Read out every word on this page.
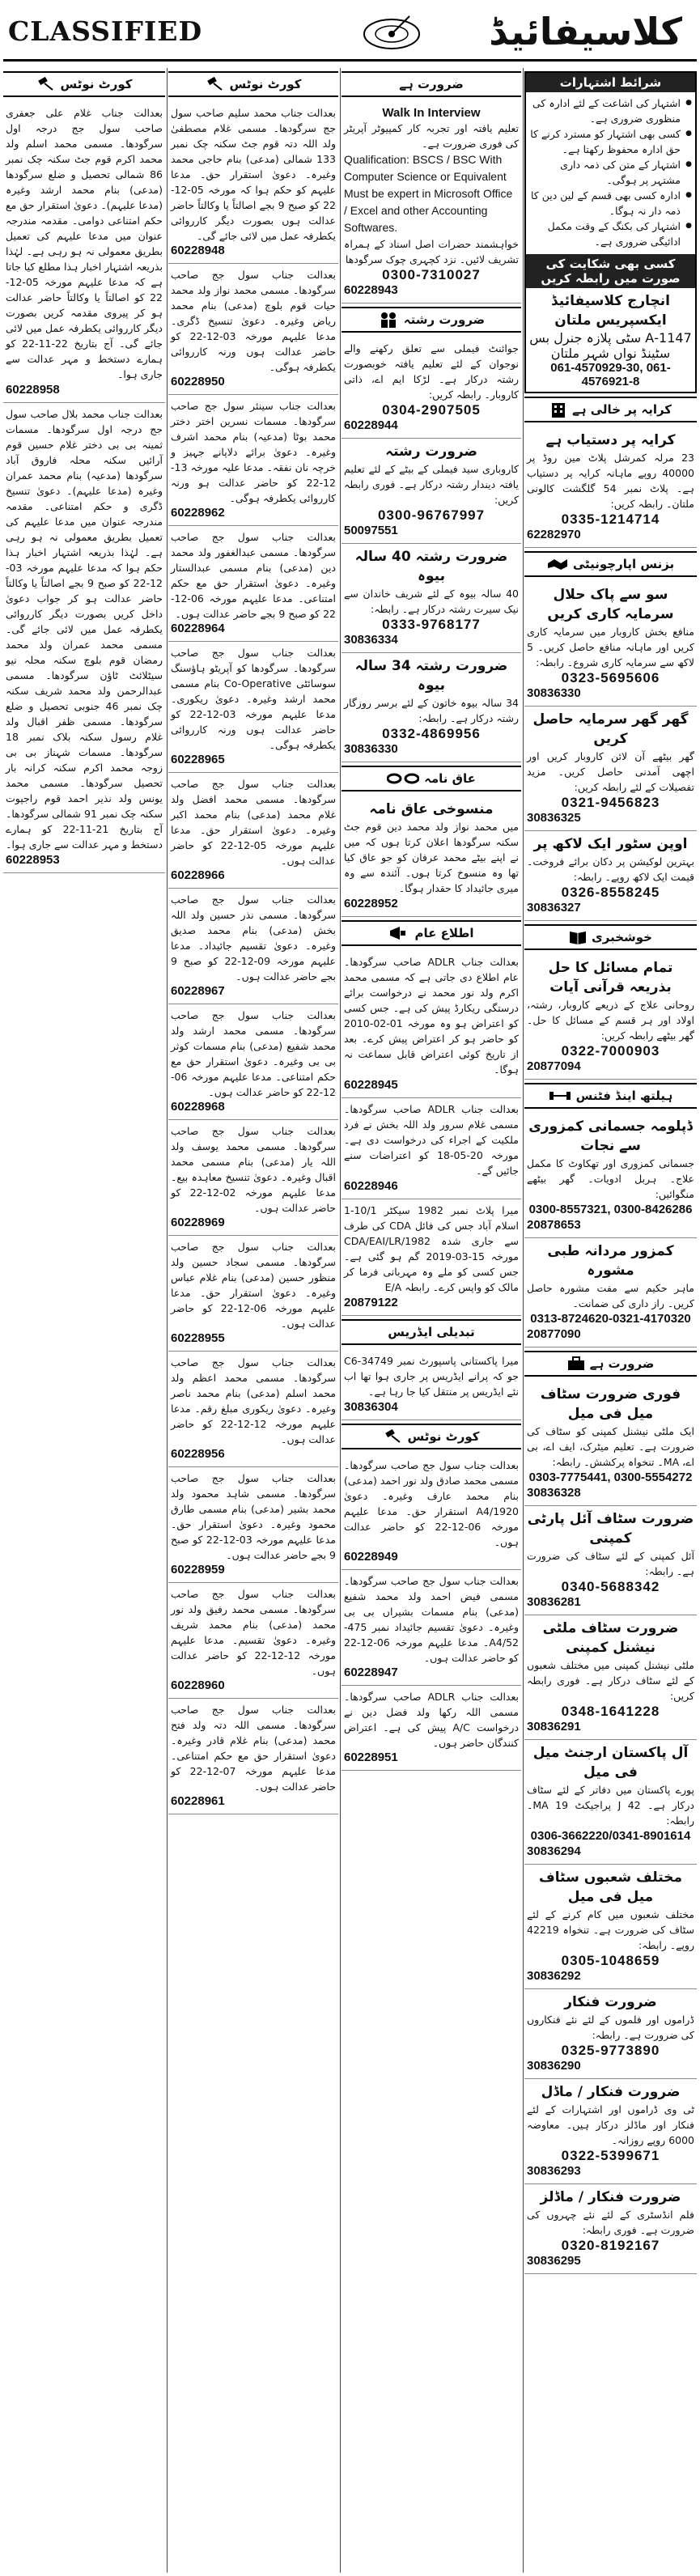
CLASSIFIED	کلاسیفائیڈ
کورٹ نوٹس
بعدالت جناب غلام علی جعفری صاحب سول جج درجہ اول سرگودھا۔ مسمی محمد اسلم ولد محمد اکرم قوم جٹ سکنہ چک نمبر 86 شمالی تحصیل و ضلع سرگودھا (مدعی) بنام محمد ارشد وغیرہ (مدعا علیہم)۔ دعویٰ استقرار حق مع حکم امتناعی دوامی۔ مقدمہ مندرجہ عنوان میں مدعا علیہم کی تعمیل بطریق معمولی نہ ہو رہی ہے۔ لہٰذا بذریعہ اشتہار اخبار ہذا مطلع کیا جاتا ہے کہ مدعا علیہم مورخہ 05-12-22 کو اصالتاً یا وکالتاً حاضر عدالت ہو کر پیروی مقدمہ کریں بصورت دیگر کارروائی یکطرفہ عمل میں لائی جائے گی۔ آج بتاریخ 22-11-22 کو ہمارے دستخط و مہر عدالت سے جاری ہوا۔
60228958
بعدالت جناب محمد بلال صاحب سول جج درجہ اول سرگودھا۔ مسمات ثمینہ بی بی دختر غلام حسین قوم آرائیں سکنہ محلہ فاروق آباد سرگودھا (مدعیہ) بنام محمد عمران وغیرہ (مدعا علیہم)۔ دعویٰ تنسیخ ڈگری و حکم امتناعی۔ مقدمہ مندرجہ عنوان میں مدعا علیہم کی تعمیل بطریق معمولی نہ ہو رہی ہے۔ لہٰذا بذریعہ اشتہار اخبار ہذا حکم ہوا کہ مدعا علیہم مورخہ 03-12-22 کو صبح 9 بجے اصالتاً یا وکالتاً حاضر عدالت ہو کر جواب دعویٰ داخل کریں بصورت دیگر کارروائی یکطرفہ عمل میں لائی جائے گی۔ مسمی محمد عمران ولد محمد رمضان قوم بلوچ سکنہ محلہ نیو سیٹلائٹ ٹاؤن سرگودھا۔ مسمی عبدالرحمن ولد محمد شریف سکنہ چک نمبر 46 جنوبی تحصیل و ضلع سرگودھا۔ مسمی ظفر اقبال ولد غلام رسول سکنہ بلاک نمبر 18 سرگودھا۔ مسمات شہناز بی بی زوجہ محمد اکرم سکنہ کرانہ بار تحصیل سرگودھا۔ مسمی محمد یونس ولد نذیر احمد قوم راجپوت سکنہ چک نمبر 91 شمالی سرگودھا۔ آج بتاریخ 21-11-22 کو ہمارے دستخط و مہر عدالت سے جاری ہوا۔
60228953
کورٹ نوٹس
بعدالت جناب محمد سلیم صاحب سول جج سرگودھا۔ مسمی غلام مصطفیٰ ولد اللہ دتہ قوم جٹ سکنہ چک نمبر 133 شمالی (مدعی) بنام حاجی محمد وغیرہ۔ دعویٰ استقرار حق۔ مدعا علیہم کو حکم ہوا کہ مورخہ 05-12-22 کو صبح 9 بجے اصالتاً یا وکالتاً حاضر عدالت ہوں بصورت دیگر کارروائی یکطرفہ عمل میں لائی جائے گی۔
60228948
بعدالت جناب سول جج صاحب سرگودھا۔ مسمی محمد نواز ولد محمد حیات قوم بلوچ (مدعی) بنام محمد ریاض وغیرہ۔ دعویٰ تنسیخ ڈگری۔ مدعا علیہم مورخہ 03-12-22 کو حاضر عدالت ہوں ورنہ کارروائی یکطرفہ ہوگی۔
60228950
بعدالت جناب سینئر سول جج صاحب سرگودھا۔ مسمات نسرین اختر دختر محمد بوٹا (مدعیہ) بنام محمد اشرف وغیرہ۔ دعویٰ برائے دلاپانے جہیز و خرچہ نان نفقہ۔ مدعا علیہ مورخہ 13-12-22 کو حاضر عدالت ہو ورنہ کارروائی یکطرفہ ہوگی۔
60228962
بعدالت جناب سول جج صاحب سرگودھا۔ مسمی عبدالغفور ولد محمد دین (مدعی) بنام مسمی عبدالستار وغیرہ۔ دعویٰ استقرار حق مع حکم امتناعی۔ مدعا علیہم مورخہ 06-12-22 کو صبح 9 بجے حاضر عدالت ہوں۔
60228964
بعدالت جناب سول جج صاحب سرگودھا۔ سرگودھا کو آپریٹو ہاؤسنگ سوسائٹی Co-Operative بنام مسمی محمد ارشد وغیرہ۔ دعویٰ ریکوری۔ مدعا علیہم مورخہ 03-12-22 کو حاضر عدالت ہوں ورنہ کارروائی یکطرفہ ہوگی۔
60228965
بعدالت جناب سول جج صاحب سرگودھا۔ مسمی محمد افضل ولد غلام محمد (مدعی) بنام محمد اکبر وغیرہ۔ دعویٰ استقرار حق۔ مدعا علیہم مورخہ 05-12-22 کو حاضر عدالت ہوں۔
60228966
بعدالت جناب سول جج صاحب سرگودھا۔ مسمی نذر حسین ولد اللہ بخش (مدعی) بنام محمد صدیق وغیرہ۔ دعویٰ تقسیم جائیداد۔ مدعا علیہم مورخہ 09-12-22 کو صبح 9 بجے حاضر عدالت ہوں۔
60228967
بعدالت جناب سول جج صاحب سرگودھا۔ مسمی محمد ارشد ولد محمد شفیع (مدعی) بنام مسمات کوثر بی بی وغیرہ۔ دعویٰ استقرار حق مع حکم امتناعی۔ مدعا علیہم مورخہ 06-12-22 کو حاضر عدالت ہوں۔
60228968
بعدالت جناب سول جج صاحب سرگودھا۔ مسمی محمد یوسف ولد اللہ یار (مدعی) بنام مسمی محمد اقبال وغیرہ۔ دعویٰ تنسیخ معاہدہ بیع۔ مدعا علیہم مورخہ 02-12-22 کو حاضر عدالت ہوں۔
60228969
بعدالت جناب سول جج صاحب سرگودھا۔ مسمی سجاد حسین ولد منظور حسین (مدعی) بنام غلام عباس وغیرہ۔ دعویٰ استقرار حق۔ مدعا علیہم مورخہ 06-12-22 کو حاضر عدالت ہوں۔
60228955
بعدالت جناب سول جج صاحب سرگودھا۔ مسمی محمد اعظم ولد محمد اسلم (مدعی) بنام محمد ناصر وغیرہ۔ دعویٰ ریکوری مبلغ رقم۔ مدعا علیہم مورخہ 12-12-22 کو حاضر عدالت ہوں۔
60228956
بعدالت جناب سول جج صاحب سرگودھا۔ مسمی شاہد محمود ولد محمد بشیر (مدعی) بنام مسمی طارق محمود وغیرہ۔ دعویٰ استقرار حق۔ مدعا علیہم مورخہ 03-12-22 کو صبح 9 بجے حاضر عدالت ہوں۔
60228959
بعدالت جناب سول جج صاحب سرگودھا۔ مسمی محمد رفیق ولد نور محمد (مدعی) بنام محمد شریف وغیرہ۔ دعویٰ تقسیم۔ مدعا علیہم مورخہ 12-12-22 کو حاضر عدالت ہوں۔
60228960
بعدالت جناب سول جج صاحب سرگودھا۔ مسمی اللہ دتہ ولد فتح محمد (مدعی) بنام غلام قادر وغیرہ۔ دعویٰ استقرار حق مع حکم امتناعی۔ مدعا علیہم مورخہ 07-12-22 کو حاضر عدالت ہوں۔
60228961
ضرورت ہے
Walk In Interview
تعلیم یافتہ اور تجربہ کار کمپیوٹر آپریٹر کی فوری ضرورت ہے۔
Qualification: BSCS / BSC With Computer Science or Equivalent Must be expert in Microsoft Office / Excel and other Accounting Softwares.
خواہشمند حضرات اصل اسناد کے ہمراہ تشریف لائیں۔ نزد کچہری چوک سرگودھا
0300-7310027
60228943
ضرورت رشتہ
جوائنٹ فیملی سے تعلق رکھنے والے نوجوان کے لئے تعلیم یافتہ خوبصورت رشتہ درکار ہے۔ لڑکا ایم اے، ذاتی کاروبار۔ رابطہ کریں:
0304-2907505
60228944
ضرورت رشتہ
کاروباری سید فیملی کے بیٹے کے لئے تعلیم یافتہ دیندار رشتہ درکار ہے۔ فوری رابطہ کریں:
0300-96767997
50097551
ضرورت رشتہ 40 سالہ بیوہ
40 سالہ بیوہ کے لئے شریف خاندان سے نیک سیرت رشتہ درکار ہے۔ رابطہ:
0333-9768177
30836334
ضرورت رشتہ 34 سالہ بیوہ
34 سالہ بیوہ خاتون کے لئے برسر روزگار رشتہ درکار ہے۔ رابطہ:
0332-4869956
30836330
عاق نامہ
منسوخی عاق نامہ
میں محمد نواز ولد محمد دین قوم جٹ سکنہ سرگودھا اعلان کرتا ہوں کہ میں نے اپنے بیٹے محمد عرفان کو جو عاق کیا تھا وہ منسوخ کرتا ہوں۔ آئندہ سے وہ میری جائیداد کا حقدار ہوگا۔
60228952
اطلاع عام
بعدالت جناب ADLR صاحب سرگودھا۔ عام اطلاع دی جاتی ہے کہ مسمی محمد اکرم ولد نور محمد نے درخواست برائے درستگی ریکارڈ پیش کی ہے۔ جس کسی کو اعتراض ہو وہ مورخہ 01-02-2010 کو حاضر ہو کر اعتراض پیش کرے۔ بعد از تاریخ کوئی اعتراض قابل سماعت نہ ہوگا۔
60228945
بعدالت جناب ADLR صاحب سرگودھا۔ مسمی غلام سرور ولد اللہ بخش نے فرد ملکیت کے اجراء کی درخواست دی ہے۔ مورخہ 20-05-18 کو اعتراضات سنے جائیں گے۔
60228946
میرا پلاٹ نمبر 1982 سیکٹر 10/1-1 اسلام آباد جس کی فائل CDA کی طرف سے جاری شدہ CDA/EAI/LR/1982 مورخہ 15-03-2019 گم ہو گئی ہے۔ جس کسی کو ملے وہ مہربانی فرما کر مالک کو واپس کرے۔ رابطہ E/A
20879122
تبدیلی ایڈریس
میرا پاکستانی پاسپورٹ نمبر C6-34749 جو کہ پرانے ایڈریس پر جاری ہوا تھا اب نئے ایڈریس پر منتقل کیا جا رہا ہے۔
30836304
کورٹ نوٹس
بعدالت جناب سول جج صاحب سرگودھا۔ مسمی محمد صادق ولد نور احمد (مدعی) بنام محمد عارف وغیرہ۔ دعویٰ 1920/A4 استقرار حق۔ مدعا علیہم مورخہ 06-12-22 کو حاضر عدالت ہوں۔
60228949
بعدالت جناب سول جج صاحب سرگودھا۔ مسمی فیض احمد ولد محمد شفیع (مدعی) بنام مسمات بشیراں بی بی وغیرہ۔ دعویٰ تقسیم جائیداد نمبر 475-52/A4۔ مدعا علیہم مورخہ 06-12-22 کو حاضر عدالت ہوں۔
60228947
بعدالت جناب ADLR صاحب سرگودھا۔ مسمی اللہ رکھا ولد فضل دین نے درخواست A/C پیش کی ہے۔ اعتراض کنندگان حاضر ہوں۔
60228951
شرائط اشتہارات
● اشتہار کی اشاعت کے لئے ادارہ کی منظوری ضروری ہے۔
● کسی بھی اشتہار کو مسترد کرنے کا حق ادارہ محفوظ رکھتا ہے۔
● اشتہار کے متن کی ذمہ داری مشتہر پر ہوگی۔
● ادارہ کسی بھی قسم کے لین دین کا ذمہ دار نہ ہوگا۔
● اشتہار کی بکنگ کے وقت مکمل ادائیگی ضروری ہے۔
کسی بھی شکایت کی صورت میں رابطہ کریں
انچارج کلاسیفائیڈ ایکسپریس ملتان
1147-A سٹی پلازہ جنرل بس سٹینڈ نواں شہر ملتان
061-4570929-30, 061-4576921-8
کرایہ پر خالی ہے
کرایہ پر دستیاب ہے
23 مرلہ کمرشل پلاٹ مین روڈ پر 40000 روپے ماہانہ کرایہ پر دستیاب ہے۔ پلاٹ نمبر 54 گلگشت کالونی ملتان۔ رابطہ کریں:
0335-1214714
62282970
بزنس اپارچونیٹی
سو سے پاک حلال سرمایہ کاری کریں
منافع بخش کاروبار میں سرمایہ کاری کریں اور ماہانہ منافع حاصل کریں۔ 5 لاکھ سے سرمایہ کاری شروع۔ رابطہ:
0323-5695606
30836330
گھر گھر سرمایہ حاصل کریں
گھر بیٹھے آن لائن کاروبار کریں اور اچھی آمدنی حاصل کریں۔ مزید تفصیلات کے لئے رابطہ کریں:
0321-9456823
30836325
اوپن سٹور ایک لاکھ پر
بہترین لوکیشن پر دکان برائے فروخت۔ قیمت ایک لاکھ روپے۔ رابطہ:
0326-8558245
30836327
خوشخبری
تمام مسائل کا حل بذریعہ قرآنی آیات
روحانی علاج کے ذریعے کاروبار، رشتہ، اولاد اور ہر قسم کے مسائل کا حل۔ گھر بیٹھے رابطہ کریں:
0322-7000903
20877094
ہیلتھ اینڈ فٹنس
ڈپلومہ جسمانی کمزوری سے نجات
جسمانی کمزوری اور تھکاوٹ کا مکمل علاج۔ ہربل ادویات۔ گھر بیٹھے منگوائیں:
0300-8557321, 0300-8426286
20878653
کمزور مردانہ طبی مشورہ
ماہر حکیم سے مفت مشورہ حاصل کریں۔ راز داری کی ضمانت۔
0313-8724620-0321-4170320
20877090
ضرورت ہے
فوری ضرورت سٹاف میل فی میل
ایک ملٹی نیشنل کمپنی کو سٹاف کی ضرورت ہے۔ تعلیم میٹرک، ایف اے، بی اے، MA۔ تنخواہ پرکشش۔ رابطہ:
0303-7775441, 0300-5554272
30836328
ضرورت سٹاف آئل پارٹی کمپنی
آئل کمپنی کے لئے سٹاف کی ضرورت ہے۔ رابطہ:
0340-5688342
30836281
ضرورت سٹاف ملٹی نیشنل کمپنی
ملٹی نیشنل کمپنی میں مختلف شعبوں کے لئے سٹاف درکار ہے۔ فوری رابطہ کریں:
0348-1641228
30836291
آل پاکستان ارجنٹ میل فی میل
پورے پاکستان میں دفاتر کے لئے سٹاف درکار ہے۔ 42 J پراجیکٹ 19 MA۔ رابطہ:
0306-3662220/0341-8901614
30836294
مختلف شعبوں سٹاف میل فی میل
مختلف شعبوں میں کام کرنے کے لئے سٹاف کی ضرورت ہے۔ تنخواہ 42219 روپے۔ رابطہ:
0305-1048659
30836292
ضرورت فنکار
ڈراموں اور فلموں کے لئے نئے فنکاروں کی ضرورت ہے۔ رابطہ:
0325-9773890
30836290
ضرورت فنکار / ماڈل
ٹی وی ڈراموں اور اشتہارات کے لئے فنکار اور ماڈلز درکار ہیں۔ معاوضہ 6000 روپے روزانہ۔
0322-5399671
30836293
ضرورت فنکار / ماڈلز
فلم انڈسٹری کے لئے نئے چہروں کی ضرورت ہے۔ فوری رابطہ:
0320-8192167
30836295
